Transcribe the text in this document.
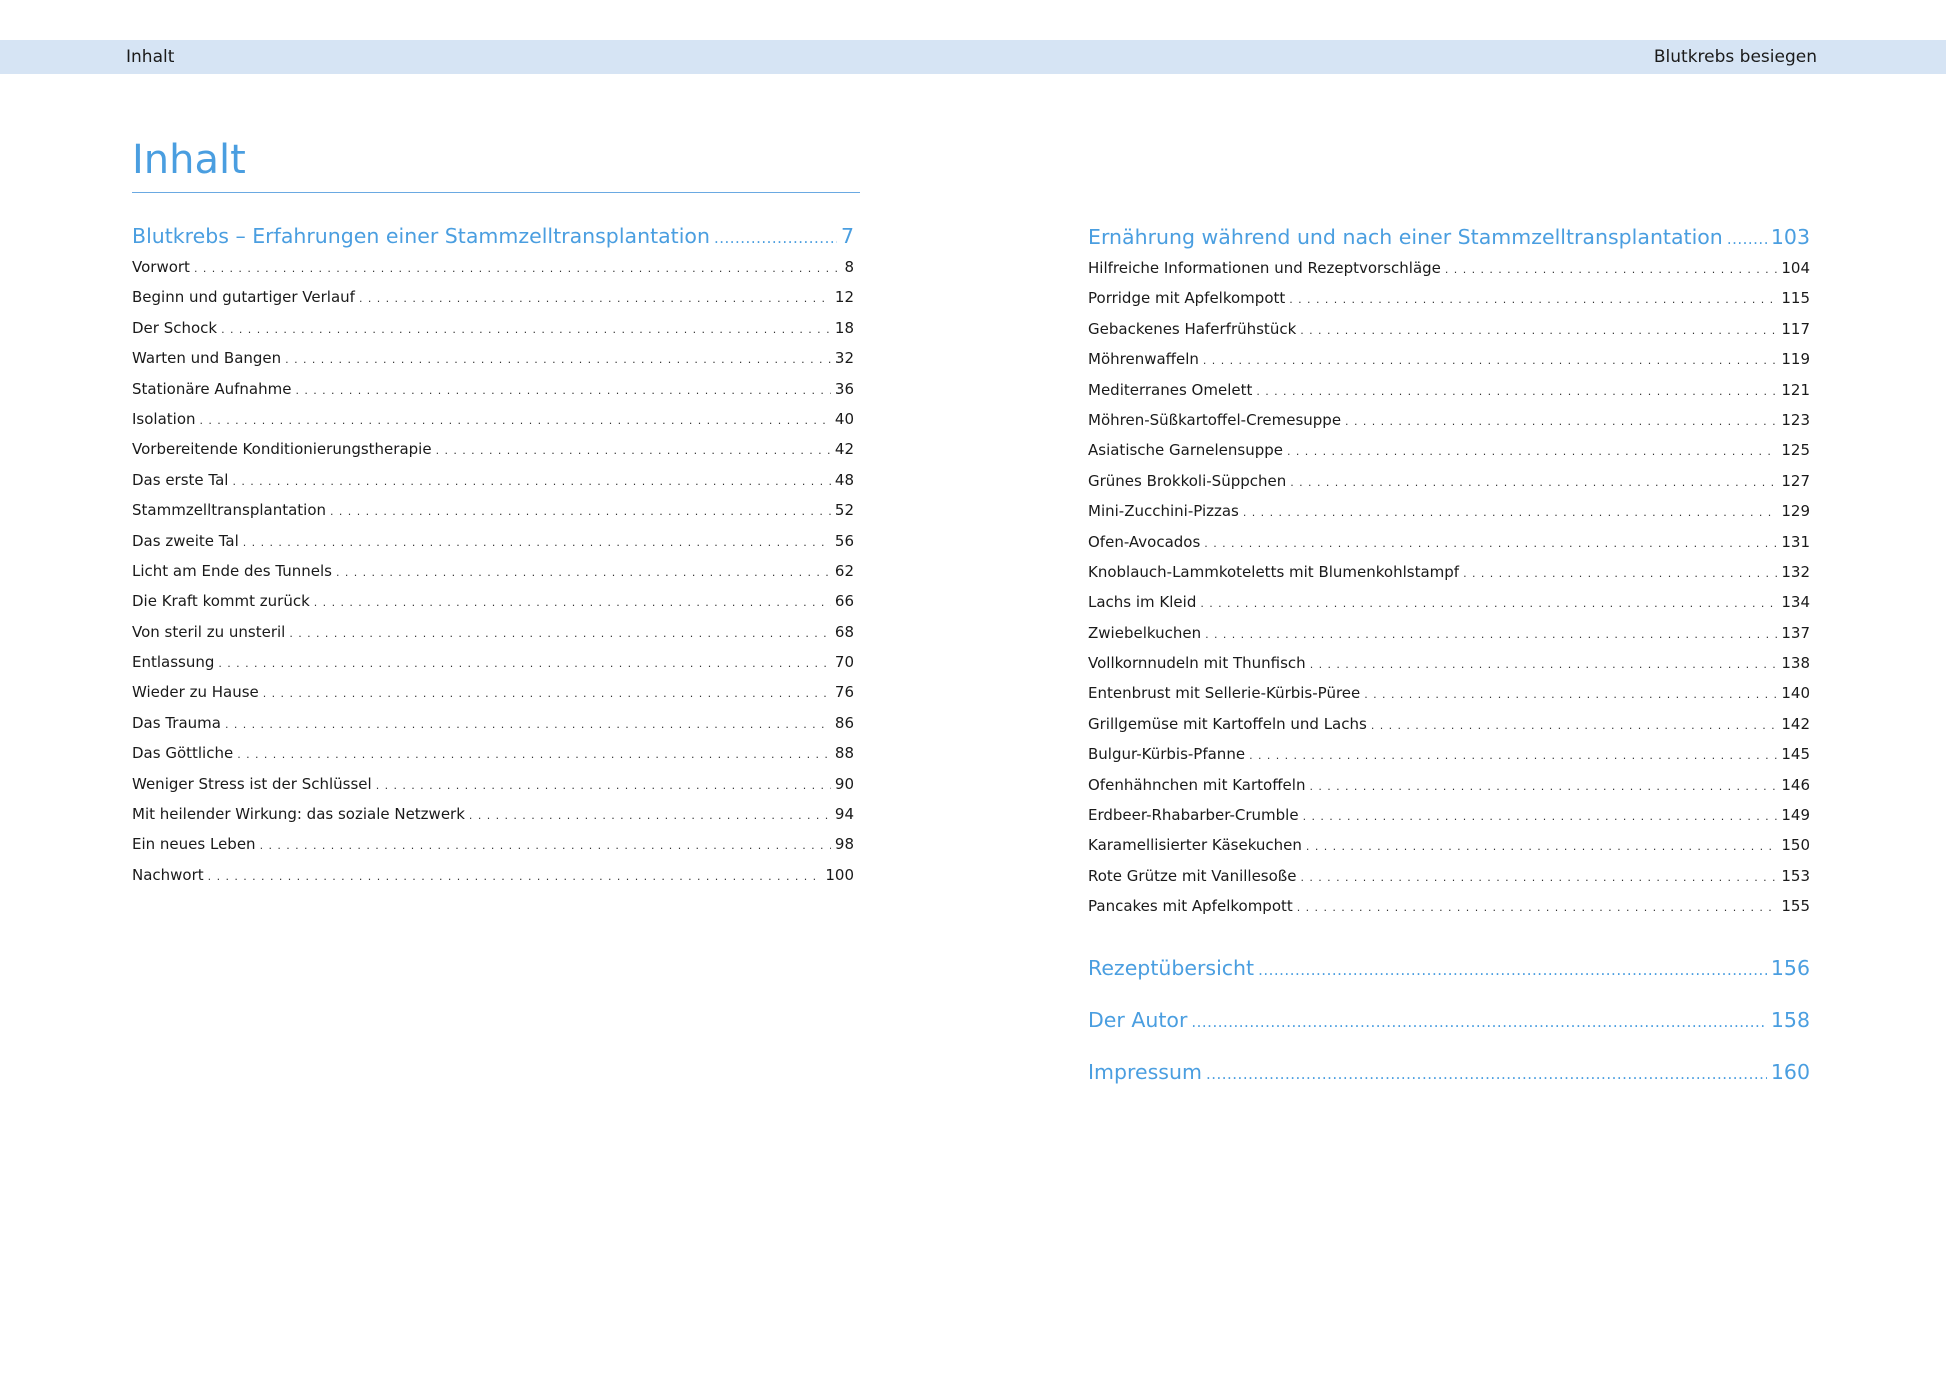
Inhalt	Blutkrebs besiegen
Inhalt
Blutkrebs – Erfahrungen einer Stammzelltransplantation .....	7
Vorwort .....	8
Beginn und gutartiger Verlauf .....	12
Der Schock .....	18
Warten und Bangen .....	32
Stationäre Aufnahme .....	36
Isolation .....	40
Vorbereitende Konditionierungstherapie .....	42
Das erste Tal .....	48
Stammzelltransplantation .....	52
Das zweite Tal .....	56
Licht am Ende des Tunnels .....	62
Die Kraft kommt zurück .....	66
Von steril zu unsteril .....	68
Entlassung .....	70
Wieder zu Hause .....	76
Das Trauma .....	86
Das Göttliche .....	88
Weniger Stress ist der Schlüssel .....	90
Mit heilender Wirkung: das soziale Netzwerk .....	94
Ein neues Leben .....	98
Nachwort .....	100
Ernährung während und nach einer Stammzelltransplantation ..... 103
Hilfreiche Informationen und Rezeptvorschläge .....	104
Porridge mit Apfelkompott .....	115
Gebackenes Haferfrühstück .....	117
Möhrenwaffeln .....	119
Mediterranes Omelett .....	121
Möhren-Süßkartoffel-Cremesuppe .....	123
Asiatische Garnelensuppe .....	125
Grünes Brokkoli-Süppchen .....	127
Mini-Zucchini-Pizzas .....	129
Ofen-Avocados .....	131
Knoblauch-Lammkoteletts mit Blumenkohlstampf .....	132
Lachs im Kleid .....	134
Zwiebelkuchen .....	137
Vollkornnudeln mit Thunfisch .....	138
Entenbrust mit Sellerie-Kürbis-Püree .....	140
Grillgemüse mit Kartoffeln und Lachs .....	142
Bulgur-Kürbis-Pfanne .....	145
Ofenhähnchen mit Kartoffeln .....	146
Erdbeer-Rhabarber-Crumble .....	149
Karamellisierter Käsekuchen .....	150
Rote Grütze mit Vanillesoße .....	153
Pancakes mit Apfelkompott .....	155
Rezeptübersicht .....	156
Der Autor .....	158
Impressum .....	160
